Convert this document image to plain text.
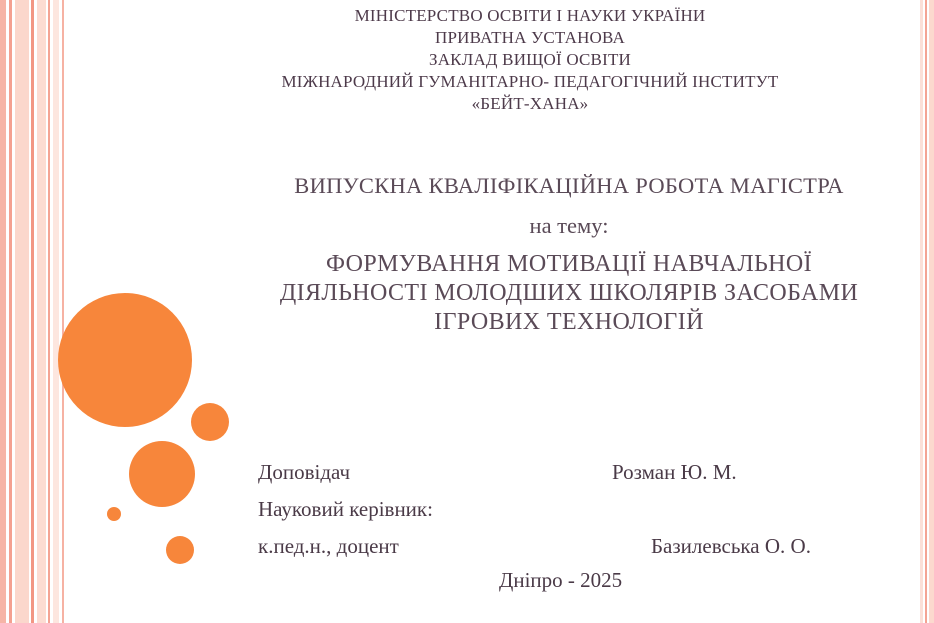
МІНІСТЕРСТВО ОСВІТИ І НАУКИ УКРАЇНИ
ПРИВАТНА УСТАНОВА
ЗАКЛАД ВИЩОЇ ОСВІТИ
МІЖНАРОДНИЙ ГУМАНІТАРНО- ПЕДАГОГІЧНИЙ ІНСТИТУТ
«БЕЙТ-ХАНА»
ВИПУСКНА КВАЛІФІКАЦІЙНА РОБОТА МАГІСТРА
на тему:
ФОРМУВАННЯ МОТИВАЦІЇ НАВЧАЛЬНОЇ
ДІЯЛЬНОСТІ МОЛОДШИХ ШКОЛЯРІВ ЗАСОБАМИ
ІГРОВИХ ТЕХНОЛОГІЙ
Доповідач	Розман Ю. М.
Науковий керівник:
к.пед.н., доцент	Базилевська О. О.
Дніпро - 2025
